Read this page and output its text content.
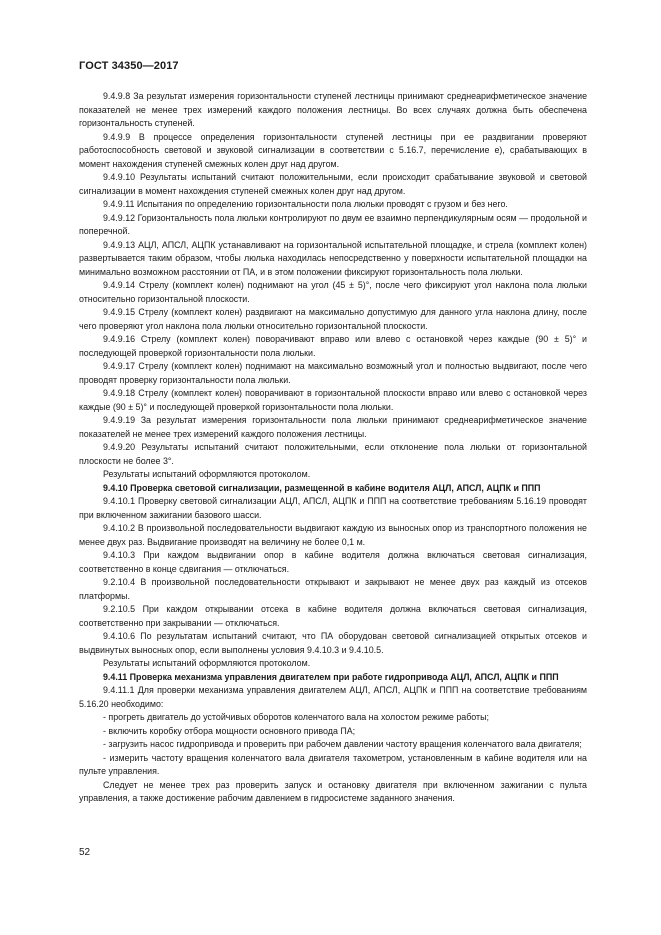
ГОСТ 34350—2017

9.4.9.8 За результат измерения горизонтальности ступеней лестницы принимают среднеарифметическое значение показателей не менее трех измерений каждого положения лестницы. Во всех случаях должна быть обеспечена горизонтальность ступеней.

9.4.9.9 В процессе определения горизонтальности ступеней лестницы при ее раздвигании проверяют работоспособность световой и звуковой сигнализации в соответствии с 5.16.7, перечисление е), срабатывающих в момент нахождения ступеней смежных колен друг над другом.

9.4.9.10 Результаты испытаний считают положительными, если происходит срабатывание звуковой и световой сигнализации в момент нахождения ступеней смежных колен друг над другом.

9.4.9.11 Испытания по определению горизонтальности пола люльки проводят с грузом и без него.

9.4.9.12 Горизонтальность пола люльки контролируют по двум ее взаимно перпендикулярным осям — продольной и поперечной.

9.4.9.13 АЦЛ, АПСЛ, АЦПК устанавливают на горизонтальной испытательной площадке, и стрела (комплект колен) развертывается таким образом, чтобы люлька находилась непосредственно у поверхности испытательной площадки на минимально возможном расстоянии от ПА, и в этом положении фиксируют горизонтальность пола люльки.

9.4.9.14 Стрелу (комплект колен) поднимают на угол (45 ± 5)°, после чего фиксируют угол наклона пола люльки относительно горизонтальной плоскости.

9.4.9.15 Стрелу (комплект колен) раздвигают на максимально допустимую для данного угла наклона длину, после чего проверяют угол наклона пола люльки относительно горизонтальной плоскости.

9.4.9.16 Стрелу (комплект колен) поворачивают вправо или влево с остановкой через каждые (90 ± 5)° и последующей проверкой горизонтальности пола люльки.

9.4.9.17 Стрелу (комплект колен) поднимают на максимально возможный угол и полностью выдвигают, после чего проводят проверку горизонтальности пола люльки.

9.4.9.18 Стрелу (комплект колен) поворачивают в горизонтальной плоскости вправо или влево с остановкой через каждые (90 ± 5)° и последующей проверкой горизонтальности пола люльки.

9.4.9.19 За результат измерения горизонтальности пола люльки принимают среднеарифметическое значение показателей не менее трех измерений каждого положения лестницы.

9.4.9.20 Результаты испытаний считают положительными, если отклонение пола люльки от горизонтальной плоскости не более 3°.

Результаты испытаний оформляются протоколом.

9.4.10 Проверка световой сигнализации, размещенной в кабине водителя АЦЛ, АПСЛ, АЦПК и ППП

9.4.10.1 Проверку световой сигнализации АЦЛ, АПСЛ, АЦПК и ППП на соответствие требованиям 5.16.19 проводят при включенном зажигании базового шасси.

9.4.10.2 В произвольной последовательности выдвигают каждую из выносных опор из транспортного положения не менее двух раз. Выдвигание производят на величину не более 0,1 м.

9.4.10.3 При каждом выдвигании опор в кабине водителя должна включаться световая сигнализация, соответственно в конце сдвигания — отключаться.

9.2.10.4 В произвольной последовательности открывают и закрывают не менее двух раз каждый из отсеков платформы.

9.2.10.5 При каждом открывании отсека в кабине водителя должна включаться световая сигнализация, соответственно при закрывании — отключаться.

9.4.10.6 По результатам испытаний считают, что ПА оборудован световой сигнализацией открытых отсеков и выдвинутых выносных опор, если выполнены условия 9.4.10.3 и 9.4.10.5.

Результаты испытаний оформляются протоколом.

9.4.11 Проверка механизма управления двигателем при работе гидропривода АЦЛ, АПСЛ, АЦПК и ППП

9.4.11.1 Для проверки механизма управления двигателем АЦЛ, АПСЛ, АЦПК и ППП на соответствие требованиям 5.16.20 необходимо:

- прогреть двигатель до устойчивых оборотов коленчатого вала на холостом режиме работы;

- включить коробку отбора мощности основного привода ПА;

- загрузить насос гидропривода и проверить при рабочем давлении частоту вращения коленчатого вала двигателя;

- измерить частоту вращения коленчатого вала двигателя тахометром, установленным в кабине водителя или на пульте управления.

Следует не менее трех раз проверить запуск и остановку двигателя при включенном зажигании с пульта управления, а также достижение рабочим давлением в гидросистеме заданного значения.

52
